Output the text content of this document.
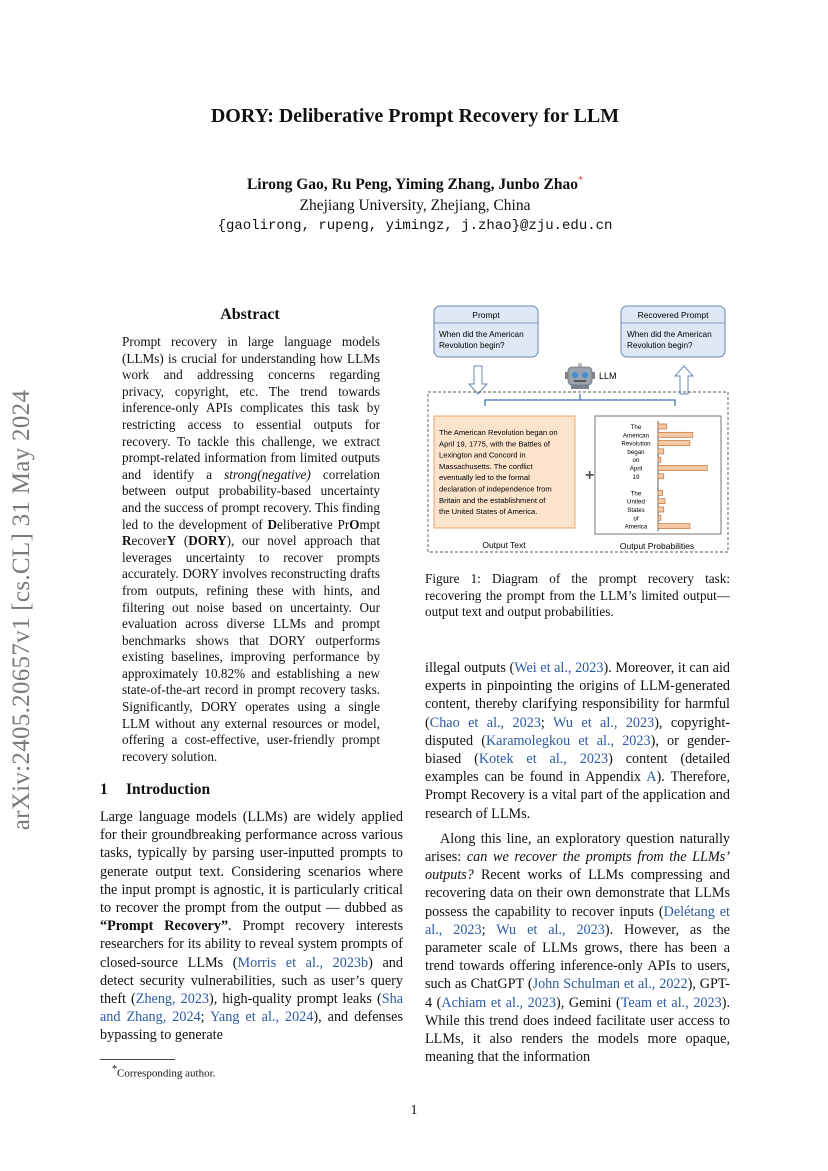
arXiv:2405.20657v1 [cs.CL] 31 May 2024
DORY: Deliberative Prompt Recovery for LLM
Lirong Gao, Ru Peng, Yiming Zhang, Junbo Zhao*
Zhejiang University, Zhejiang, China
{gaolirong, rupeng, yimingz, j.zhao}@zju.edu.cn
Abstract
Prompt recovery in large language models (LLMs) is crucial for understanding how LLMs work and addressing concerns regarding privacy, copyright, etc. The trend towards inference-only APIs complicates this task by restricting access to essential outputs for recovery. To tackle this challenge, we extract prompt-related information from limited outputs and identify a strong(negative) correlation between output probability-based uncertainty and the success of prompt recovery. This finding led to the development of Deliberative PrOmpt RecoverY (DORY), our novel approach that leverages uncertainty to recover prompts accurately. DORY involves reconstructing drafts from outputs, refining these with hints, and filtering out noise based on uncertainty. Our evaluation across diverse LLMs and prompt benchmarks shows that DORY outperforms existing baselines, improving performance by approximately 10.82% and establishing a new state-of-the-art record in prompt recovery tasks. Significantly, DORY operates using a single LLM without any external resources or model, offering a cost-effective, user-friendly prompt recovery solution.
1 Introduction
Large language models (LLMs) are widely applied for their groundbreaking performance across various tasks, typically by parsing user-inputted prompts to generate output text. Considering scenarios where the input prompt is agnostic, it is particularly critical to recover the prompt from the output — dubbed as “Prompt Recovery”. Prompt recovery interests researchers for its ability to reveal system prompts of closed-source LLMs (Morris et al., 2023b) and detect security vulnerabilities, such as user’s query theft (Zheng, 2023), high-quality prompt leaks (Sha and Zhang, 2024; Yang et al., 2024), and defenses bypassing to generate
*Corresponding author.
Prompt
When did the American
Revolution begin?
Recovered Prompt
When did the American
Revolution begin?
LLM
The American Revolution began on
April 19, 1775, with the Battles of
Lexington and Concord in
Massachusetts. The conflict
eventually led to the formal
declaration of independence from
Britain and the establishment of
the United States of America.
+
The
American
Revolution
began
on
April
19
The
United
States
of
America
Output Text	Output Probabilities
Figure 1: Diagram of the prompt recovery task: recovering the prompt from the LLM’s limited output—output text and output probabilities.

illegal outputs (Wei et al., 2023). Moreover, it can aid experts in pinpointing the origins of LLM-generated content, thereby clarifying responsibility for harmful (Chao et al., 2023; Wu et al., 2023), copyright-disputed (Karamolegkou et al., 2023), or gender-biased (Kotek et al., 2023) content (detailed examples can be found in Appendix A). Therefore, Prompt Recovery is a vital part of the application and research of LLMs.

Along this line, an exploratory question naturally arises: can we recover the prompts from the LLMs’ outputs? Recent works of LLMs compressing and recovering data on their own demonstrate that LLMs possess the capability to recover inputs (Delétang et al., 2023; Wu et al., 2023). However, as the parameter scale of LLMs grows, there has been a trend towards offering inference-only APIs to users, such as ChatGPT (John Schulman et al., 2022), GPT-4 (Achiam et al., 2023), Gemini (Team et al., 2023). While this trend does indeed facilitate user access to LLMs, it also renders the models more opaque, meaning that the information

1
